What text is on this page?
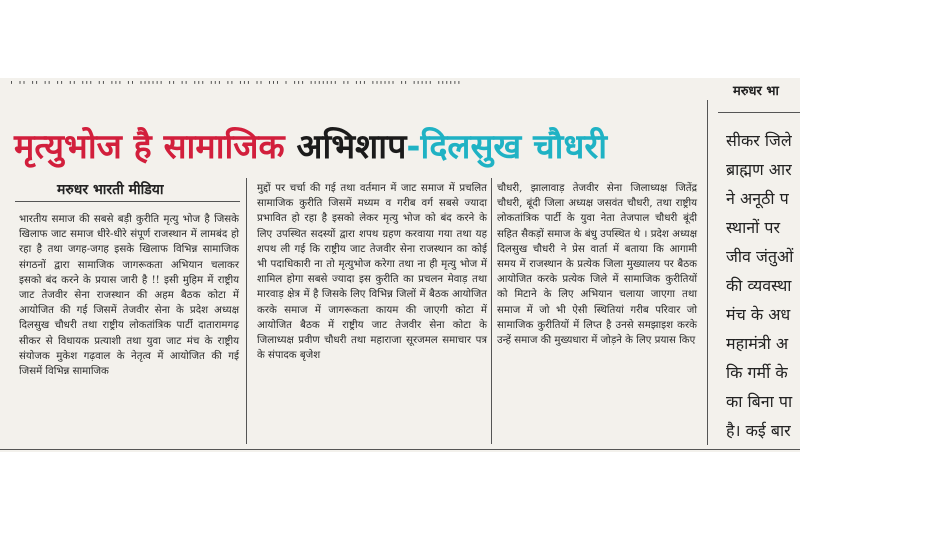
' '' '' '' '' '' ''' '' ''' '' '''''' '' '' ''' ''' '' ''' '' ''' ' ''' ''''''' '' ''' '''''' '' ''''' ''''''
मृत्युभोज है सामाजिक अभिशाप-दिलसुख चौधरी
मरुधर भारती मीडिया
भारतीय समाज की सबसे बड़ी कुरीति मृत्यु भोज है जिसके खिलाफ जाट समाज धीरे-धीरे संपूर्ण राजस्थान में लामबंद हो रहा है तथा जगह-जगह इसके खिलाफ विभिन्न सामाजिक संगठनों द्वारा सामाजिक जागरूकता अभियान चलाकर इसको बंद करने के प्रयास जारी है !! इसी मुहिम में राष्ट्रीय जाट तेजवीर सेना राजस्थान की अहम बैठक कोटा में आयोजित की गई जिसमें तेजवीर सेना के प्रदेश अध्यक्ष दिलसुख चौधरी तथा राष्ट्रीय लोकतांत्रिक पार्टी दातारामगढ़ सीकर से विधायक प्रत्याशी तथा युवा जाट मंच के राष्ट्रीय संयोजक मुकेश गढ़वाल के नेतृत्व में आयोजित की गई जिसमें विभिन्न सामाजिक
मुद्दों पर चर्चा की गई तथा वर्तमान में जाट समाज में प्रचलित सामाजिक कुरीति जिसमें मध्यम व गरीब वर्ग सबसे ज्यादा प्रभावित हो रहा है इसको लेकर मृत्यु भोज को बंद करने के लिए उपस्थित सदस्यों द्वारा शपथ ग्रहण करवाया गया तथा यह शपथ ली गई कि राष्ट्रीय जाट तेजवीर सेना राजस्थान का कोई भी पदाधिकारी ना तो मृत्युभोज करेगा तथा ना ही मृत्यु भोज में शामिल होगा सबसे ज्यादा इस कुरीति का प्रचलन मेवाड़ तथा मारवाड़ क्षेत्र में है जिसके लिए विभिन्न जिलों में बैठक आयोजित करके समाज में जागरूकता कायम की जाएगी कोटा में आयोजित बैठक में राष्ट्रीय जाट तेजवीर सेना कोटा के जिलाध्यक्ष प्रवीण चौधरी तथा महाराजा सूरजमल समाचार पत्र के संपादक बृजेश
चौधरी, झालावाड़ तेजवीर सेना जिलाध्यक्ष जितेंद्र चौधरी, बूंदी जिला अध्यक्ष जसवंत चौधरी, तथा राष्ट्रीय लोकतांत्रिक पार्टी के युवा नेता तेजपाल चौधरी बूंदी सहित सैकड़ों समाज के बंधु उपस्थित थे । प्रदेश अध्यक्ष दिलसुख चौधरी ने प्रेस वार्ता में बताया कि आगामी समय में राजस्थान के प्रत्येक जिला मुख्यालय पर बैठक आयोजित करके प्रत्येक जिले में सामाजिक कुरीतियों को मिटाने के लिए अभियान चलाया जाएगा तथा समाज में जो भी ऐसी स्थितियां गरीब परिवार जो सामाजिक कुरीतियों में लिप्त है उनसे समझाइश करके उन्हें समाज की मुख्यधारा में जोड़ने के लिए प्रयास किए
मरुधर भा
सीकर जिले
ब्राह्मण आर
ने अनूठी प
स्थानों पर
जीव जंतुओं
की व्यवस्था
मंच के अध
महामंत्री अ
कि गर्मी के
का बिना पा
है। कई बार
